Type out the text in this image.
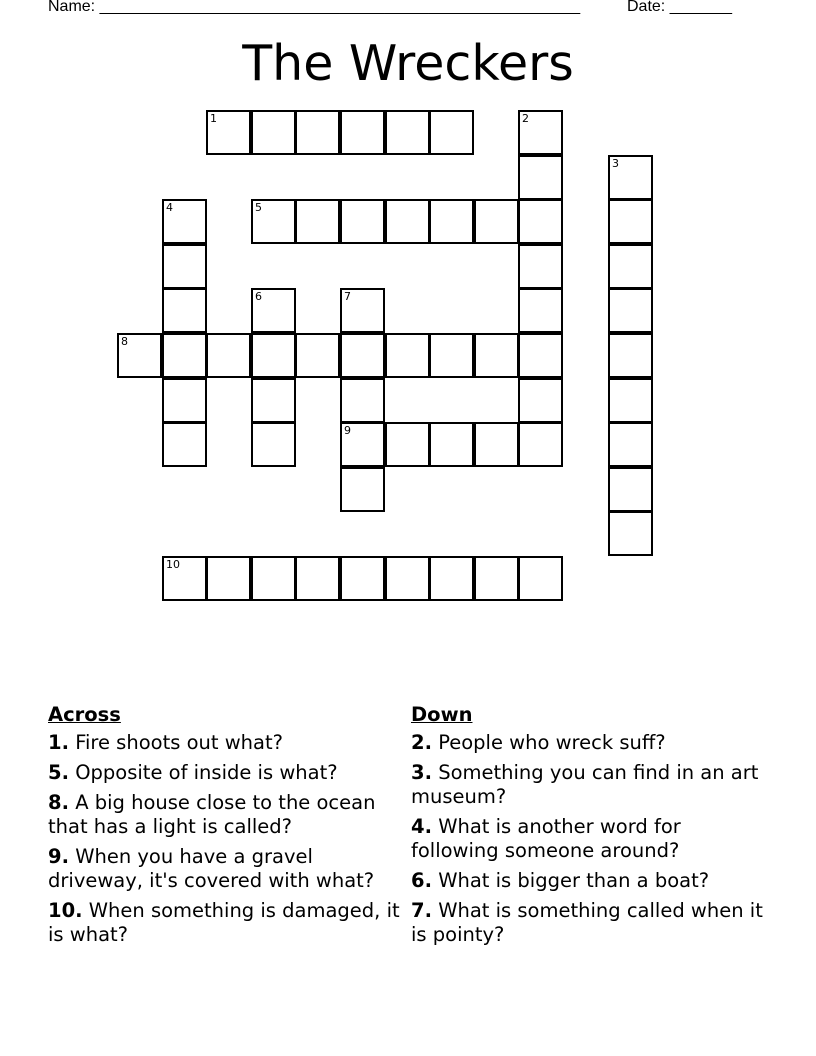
Name: ______________________________________________________	Date: _______
The Wreckers
1	2
3
4	5
6	7
8
9
10
Across
1. Fire shoots out what?
5. Opposite of inside is what?
8. A big house close to the ocean that has a light is called?
9. When you have a gravel driveway, it's covered with what?
10. When something is damaged, it is what?
Down
2. People who wreck suff?
3. Something you can find in an art museum?
4. What is another word for following someone around?
6. What is bigger than a boat?
7. What is something called when it is pointy?
